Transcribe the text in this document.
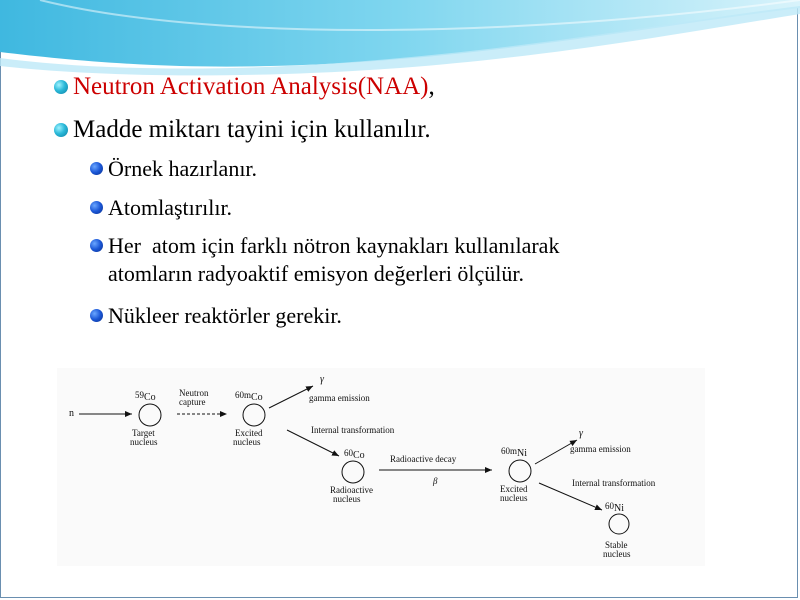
Neutron Activation Analysis(NAA),
Madde miktarı tayini için kullanılır.
Örnek hazırlanır.
Atomlaştırılır.
Her  atom için farklı nötron kaynakları kullanılarak
atomların radyoaktif emisyon değerleri ölçülür.
Nükleer reaktörler gerekir.
n
59Co
Target
nucleus
Neutron
capture
60mCo
Excited
nucleus
γ
gamma emission
Internal transformation
60Co
Radioactive
nucleus
Radioactive decay
β
60mNi
Excited
nucleus
γ
gamma emission
Internal transformation
60Ni
Stable
nucleus
